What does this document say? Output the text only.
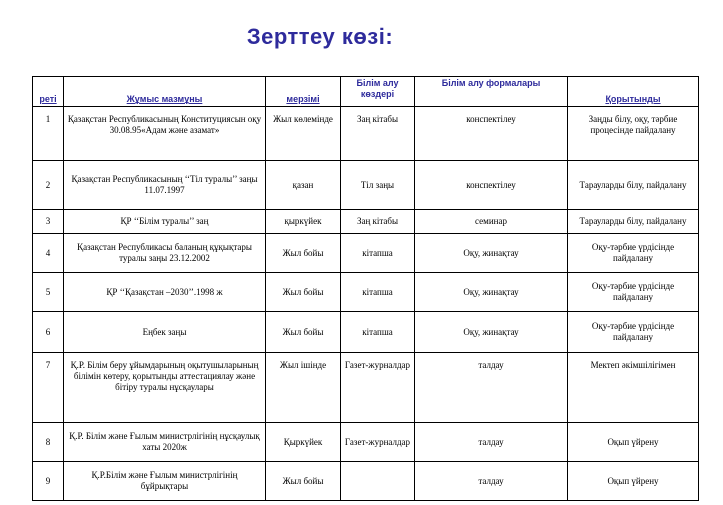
Зерттеу көзі:
реті	Жұмыс мазмұны	мерзімі	Білім алу көздері	Білім алу формалары	Қорытынды
1	Қазақстан Республикасының Конституциясын оқу 30.08.95«Адам және азамат»	Жыл көлемінде	Заң кітабы	конспектілеу	Заңды білу, оқу, тәрбие процесінде пайдалану
2	Қазақстан Республикасының ‘‘Тіл туралы’’ заңы 11.07.1997	қазан	Тіл заңы	конспектілеу	Тарауларды білу, пайдалану
3	ҚР ‘‘Білім туралы’’ заң	қыркүйек	Заң кітабы	семинар	Тарауларды білу, пайдалану
4	Қазақстан Республикасы баланың құқықтары туралы заңы 23.12.2002	Жыл бойы	кітапша	Оқу, жинақтау	Оқу-тәрбие үрдісінде пайдалану
5	ҚР ‘‘Қазақстан –2030’’.1998 ж	Жыл бойы	кітапша	Оқу, жинақтау	Оқу-тәрбие үрдісінде пайдалану
6	Еңбек заңы	Жыл бойы	кітапша	Оқу, жинақтау	Оқу-тәрбие үрдісінде пайдалану
7	Қ.Р. Білім беру ұйымдарының оқытушыларының білімін көтеру, қорытынды аттестациялау және бітіру туралы нұсқаулары	Жыл ішінде	Газет-журналдар	талдау	Мектеп әкімшілігімен
8	Қ.Р. Білім және Ғылым министрлігінің нұсқаулық хаты 2020ж	Қыркүйек	Газет-журналдар	талдау	Оқып үйрену
9	Қ.Р.Білім және Ғылым министрлігінің бұйрықтары	Жыл бойы		талдау	Оқып үйрену
